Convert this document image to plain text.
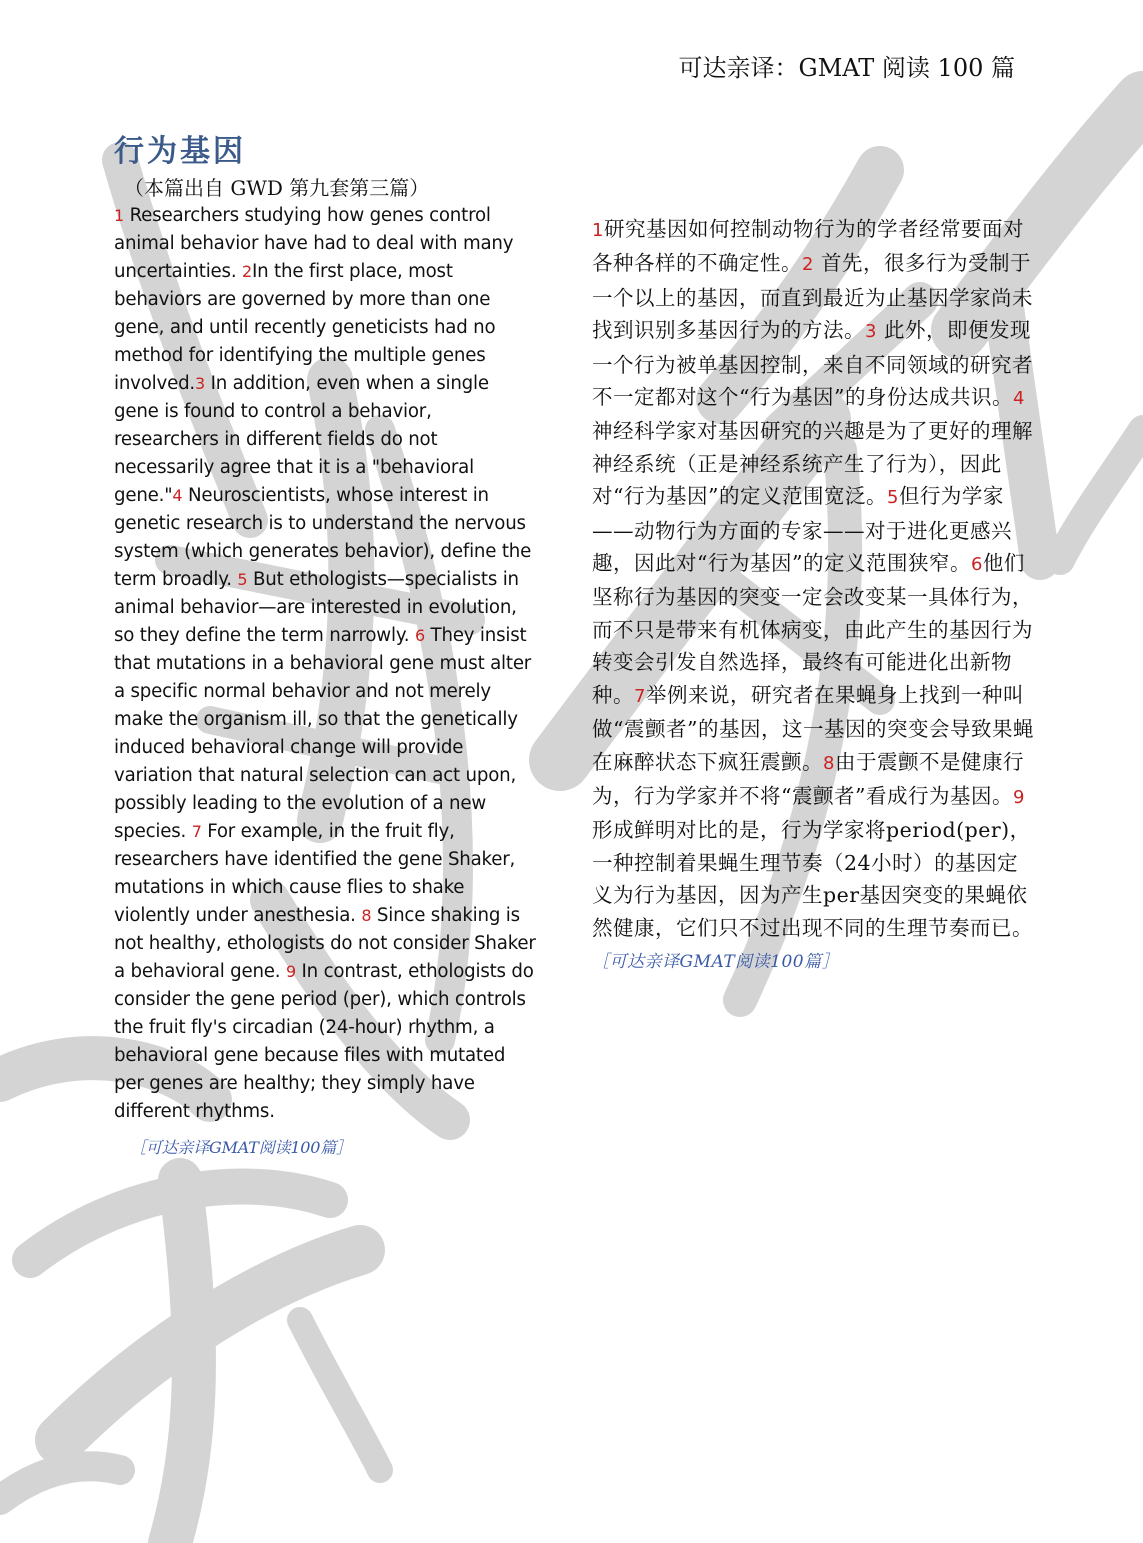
可达亲译：GMAT 阅读 100 篇
行为基因
（本篇出自 GWD 第九套第三篇）
1 Researchers studying how genes control animal behavior have had to deal with many uncertainties. 2In the first place, most behaviors are governed by more than one gene, and until recently geneticists had no method for identifying the multiple genes involved.3 In addition, even when a single gene is found to control a behavior, researchers in different fields do not necessarily agree that it is a "behavioral gene."4 Neuroscientists, whose interest in genetic research is to understand the nervous system (which generates behavior), define the term broadly. 5 But ethologists—specialists in animal behavior—are interested in evolution, so they define the term narrowly. 6 They insist that mutations in a behavioral gene must alter a specific normal behavior and not merely make the organism ill, so that the genetically induced behavioral change will provide variation that natural selection can act upon, possibly leading to the evolution of a new species. 7 For example, in the fruit fly, researchers have identified the gene Shaker, mutations in which cause flies to shake violently under anesthesia. 8 Since shaking is not healthy, ethologists do not consider Shaker a behavioral gene. 9 In contrast, ethologists do consider the gene period (per), which controls the fruit fly's circadian (24-hour) rhythm, a behavioral gene because files with mutated per genes are healthy; they simply have different rhythms.
［可达亲译GMAT阅读100篇］
1研究基因如何控制动物行为的学者经常要面对各种各样的不确定性。2 首先，很多行为受制于一个以上的基因，而直到最近为止基因学家尚未找到识别多基因行为的方法。3 此外，即便发现一个行为被单基因控制，来自不同领域的研究者不一定都对这个“行为基因”的身份达成共识。4神经科学家对基因研究的兴趣是为了更好的理解神经系统（正是神经系统产生了行为），因此对“行为基因”的定义范围宽泛。5但行为学家——动物行为方面的专家——对于进化更感兴趣，因此对“行为基因”的定义范围狭窄。6他们坚称行为基因的突变一定会改变某一具体行为，而不只是带来有机体病变，由此产生的基因行为转变会引发自然选择，最终有可能进化出新物种。7举例来说，研究者在果蝇身上找到一种叫做“震颤者”的基因，这一基因的突变会导致果蝇在麻醉状态下疯狂震颤。8由于震颤不是健康行为，行为学家并不将“震颤者”看成行为基因。9形成鲜明对比的是，行为学家将period(per)，一种控制着果蝇生理节奏（24小时）的基因定义为行为基因，因为产生per基因突变的果蝇依然健康，它们只不过出现不同的生理节奏而已。 ［可达亲译GMAT阅读100篇］
